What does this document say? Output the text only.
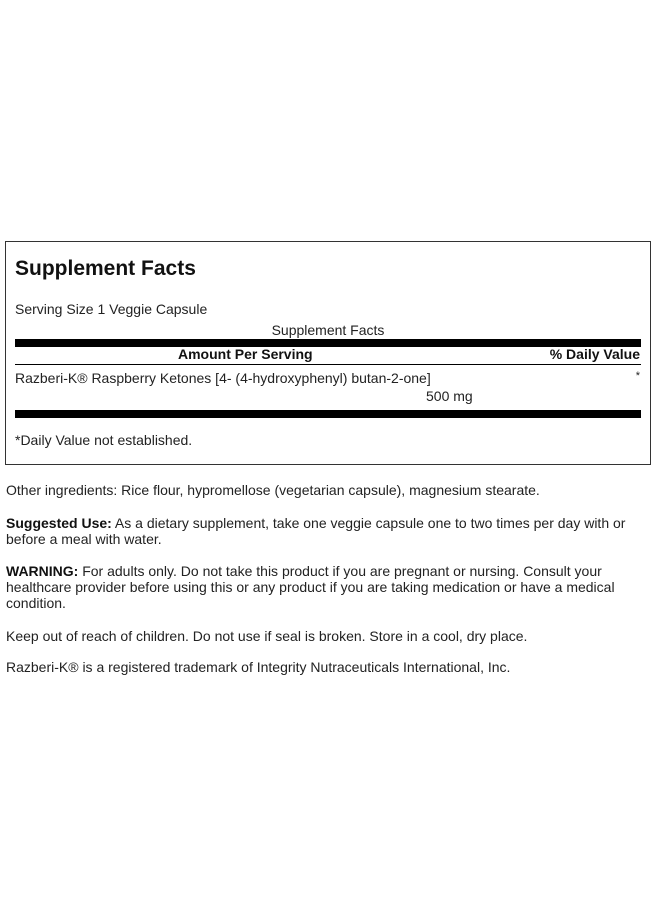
Supplement Facts
Serving Size 1 Veggie Capsule
Supplement Facts
Amount Per Serving	% Daily Value
Razberi-K® Raspberry Ketones [4- (4-hydroxyphenyl) butan-2-one]	*
500 mg
*Daily Value not established.
Other ingredients: Rice flour, hypromellose (vegetarian capsule), magnesium stearate.
Suggested Use: As a dietary supplement, take one veggie capsule one to two times per day with or before a meal with water.
WARNING: For adults only. Do not take this product if you are pregnant or nursing. Consult your healthcare provider before using this or any product if you are taking medication or have a medical condition.
Keep out of reach of children. Do not use if seal is broken. Store in a cool, dry place.
Razberi-K® is a registered trademark of Integrity Nutraceuticals International, Inc.
